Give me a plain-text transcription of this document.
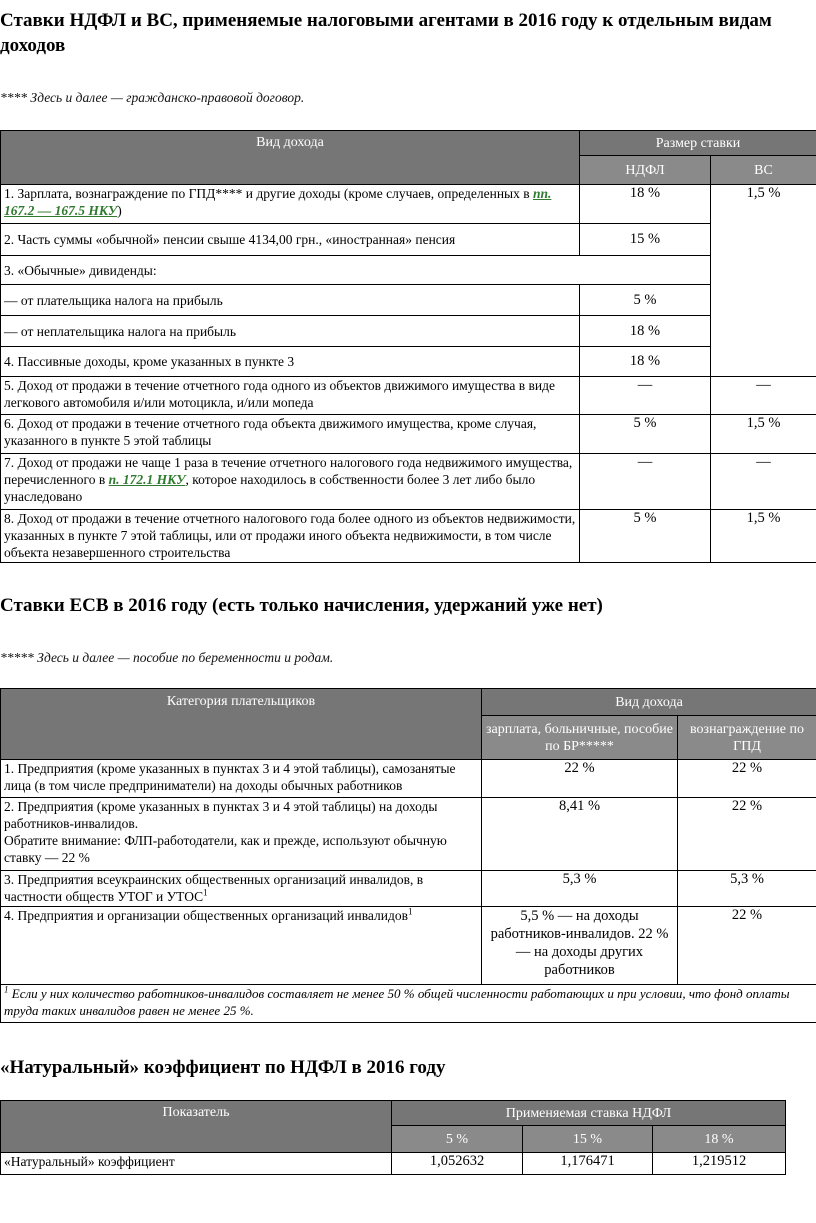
Ставки НДФЛ и ВС, применяемые налоговыми агентами в 2016 году к отдельным видам доходов

**** Здесь и далее — гражданско-правовой договор.

Вид дохода	Размер ставки	
	НДФЛ	ВС
1. Зарплата, вознаграждение по ГПД**** и другие доходы (кроме случаев, определенных в пп. 167.2 — 167.5 НКУ)	18 %	1,5 %
2. Часть суммы «обычной» пенсии свыше 4134,00 грн., «иностранная» пенсия	15 %	
3. «Обычные» дивиденды:		
— от плательщика налога на прибыль	5 %	
— от неплательщика налога на прибыль	18 %	
4. Пассивные доходы, кроме указанных в пункте 3	18 %	
5. Доход от продажи в течение отчетного года одного из объектов движимого имущества в виде легкового автомобиля и/или мотоцикла, и/или мопеда	—	—
6. Доход от продажи в течение отчетного года объекта движимого имущества, кроме случая, указанного в пункте 5 этой таблицы	5 %	1,5 %
7. Доход от продажи не чаще 1 раза в течение отчетного налогового года недвижимого имущества, перечисленного в п. 172.1 НКУ, которое находилось в собственности более 3 лет либо было унаследовано	—	—
8. Доход от продажи в течение отчетного налогового года более одного из объектов недвижимости, указанных в пункте 7 этой таблицы, или от продажи иного объекта недвижимости, в том числе объекта незавершенного строительства	5 %	1,5 %
Ставки ЕСВ в 2016 году (есть только начисления, удержаний уже нет)

***** Здесь и далее — пособие по беременности и родам.

Категория плательщиков	Вид дохода	
	зарплата, больничные, пособие по БР*****	вознаграждение по ГПД
1. Предприятия (кроме указанных в пунктах 3 и 4 этой таблицы), самозанятые лица (в том числе предприниматели) на доходы обычных работников	22 %	22 %
2. Предприятия (кроме указанных в пунктах 3 и 4 этой таблицы) на доходы работников-инвалидов.
Обратите внимание: ФЛП-работодатели, как и прежде, используют обычную ставку — 22 %	8,41 %	22 %
3. Предприятия всеукраинских общественных организаций инвалидов, в частности обществ УТОГ и УТОС$^1$	5,3 %	5,3 %
4. Предприятия и организации общественных организаций инвалидов$^1$	5,5 % — на доходы работников-инвалидов. 22 % — на доходы других работников	22 %
$^1$ Если у них количество работников-инвалидов составляет не менее 50 % общей численности работающих и при условии, что фонд оплаты труда таких инвалидов равен не менее 25 %.		
«Натуральный» коэффициент по НДФЛ в 2016 году
Показатель	Применяемая ставка НДФЛ		
	5 %	15 %	18 %
«Натуральный» коэффициент	1,052632	1,176471	1,219512
